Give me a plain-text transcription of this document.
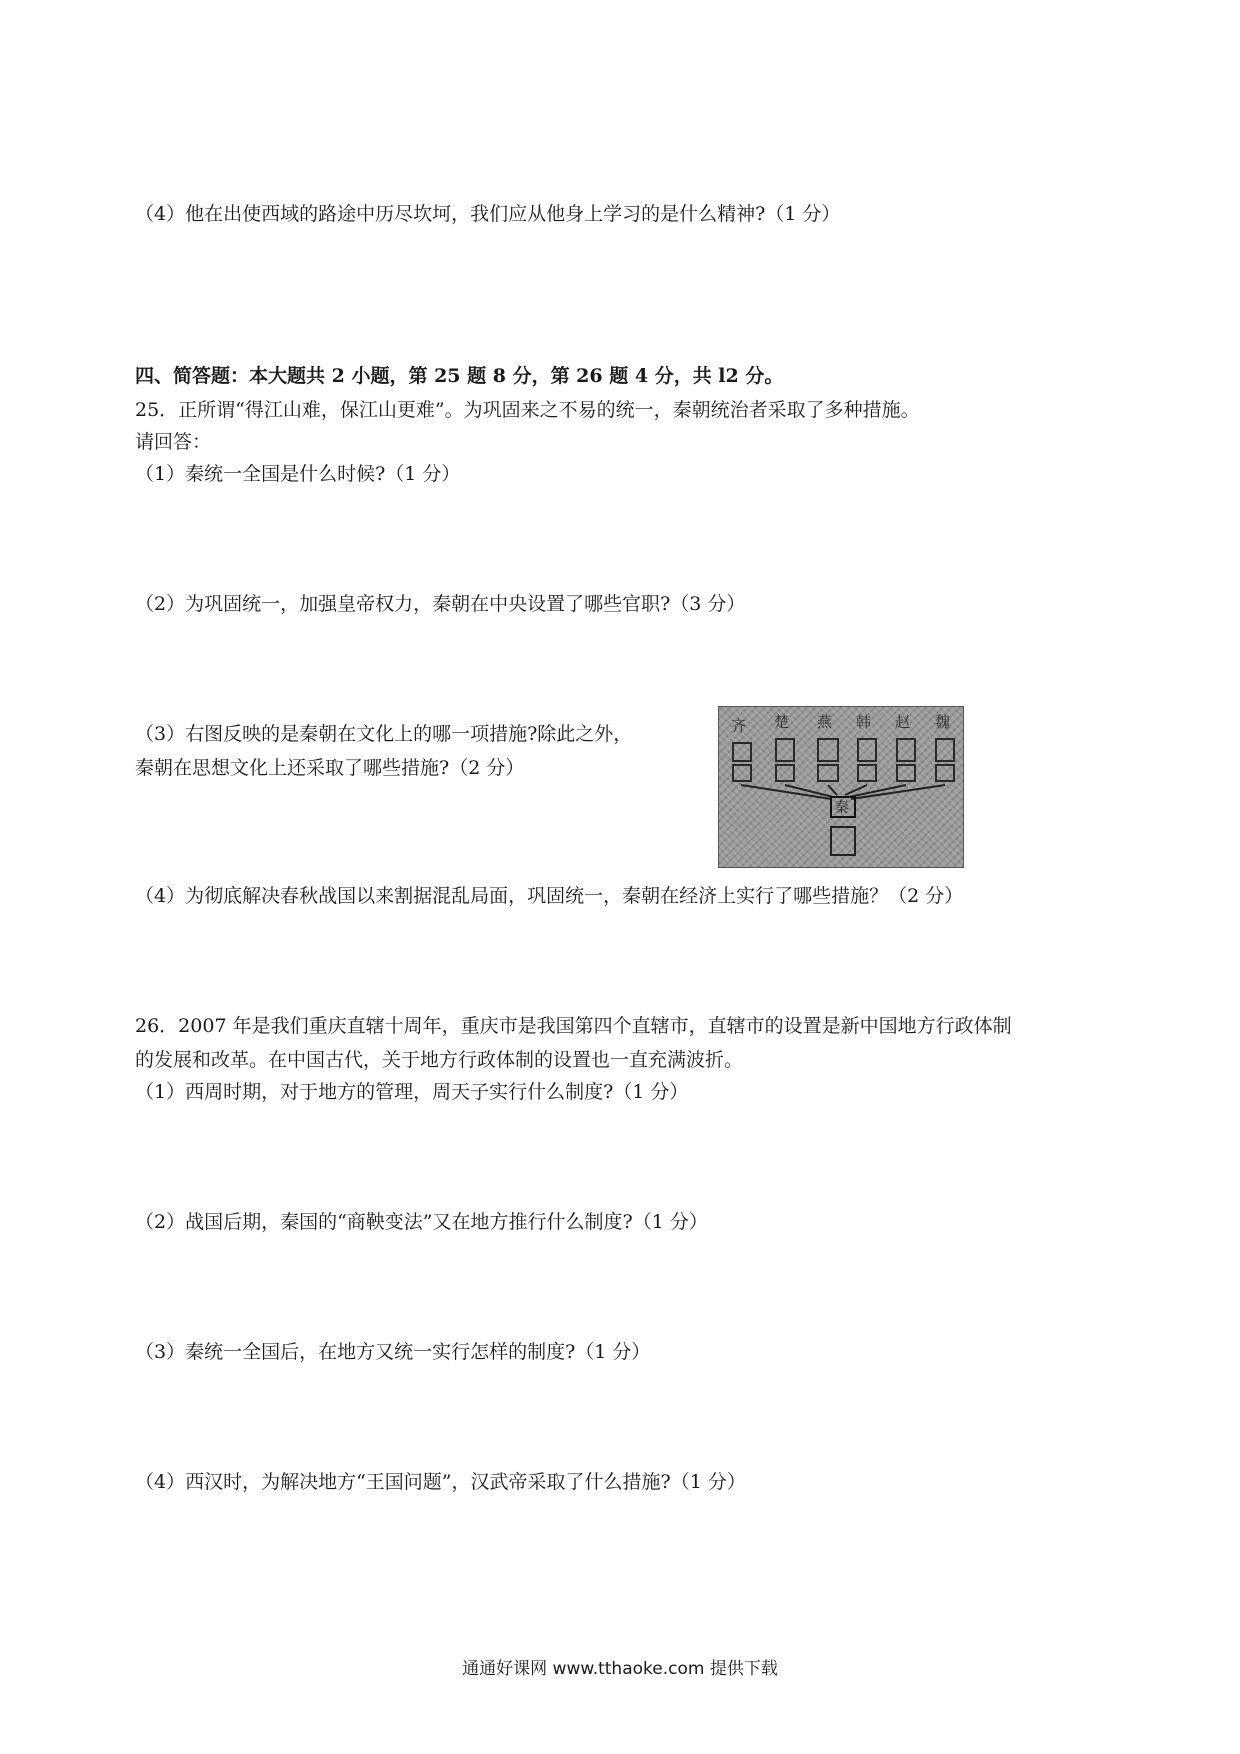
（4）他在出使西域的路途中历尽坎坷，我们应从他身上学习的是什么精神?（1 分）
四、简答题：本大题共 2 小题，第 25 题 8 分，第 26 题 4 分，共 l2 分。
25．正所谓“得江山难，保江山更难”。为巩固来之不易的统一，秦朝统治者采取了多种措施。
请回答：
（1）秦统一全国是什么时候?（1 分）
（2）为巩固统一，加强皇帝权力，秦朝在中央设置了哪些官职?（3 分）
（3）右图反映的是秦朝在文化上的哪一项措施?除此之外，
秦朝在思想文化上还采取了哪些措施?（2 分）
齐 楚 燕 韩 赵 魏
秦
（4）为彻底解决春秋战国以来割据混乱局面，巩固统一，秦朝在经济上实行了哪些措施？（2 分）
26．2007 年是我们重庆直辖十周年，重庆市是我国第四个直辖市，直辖市的设置是新中国地方行政体制
的发展和改革。在中国古代，关于地方行政体制的设置也一直充满波折。
（1）西周时期，对于地方的管理，周天子实行什么制度?（1 分）
（2）战国后期，秦国的“商鞅变法”又在地方推行什么制度?（1 分）
（3）秦统一全国后，在地方又统一实行怎样的制度?（1 分）
（4）西汉时，为解决地方“王国问题”，汉武帝采取了什么措施?（1 分）
通通好课网 www.tthaoke.com 提供下载
